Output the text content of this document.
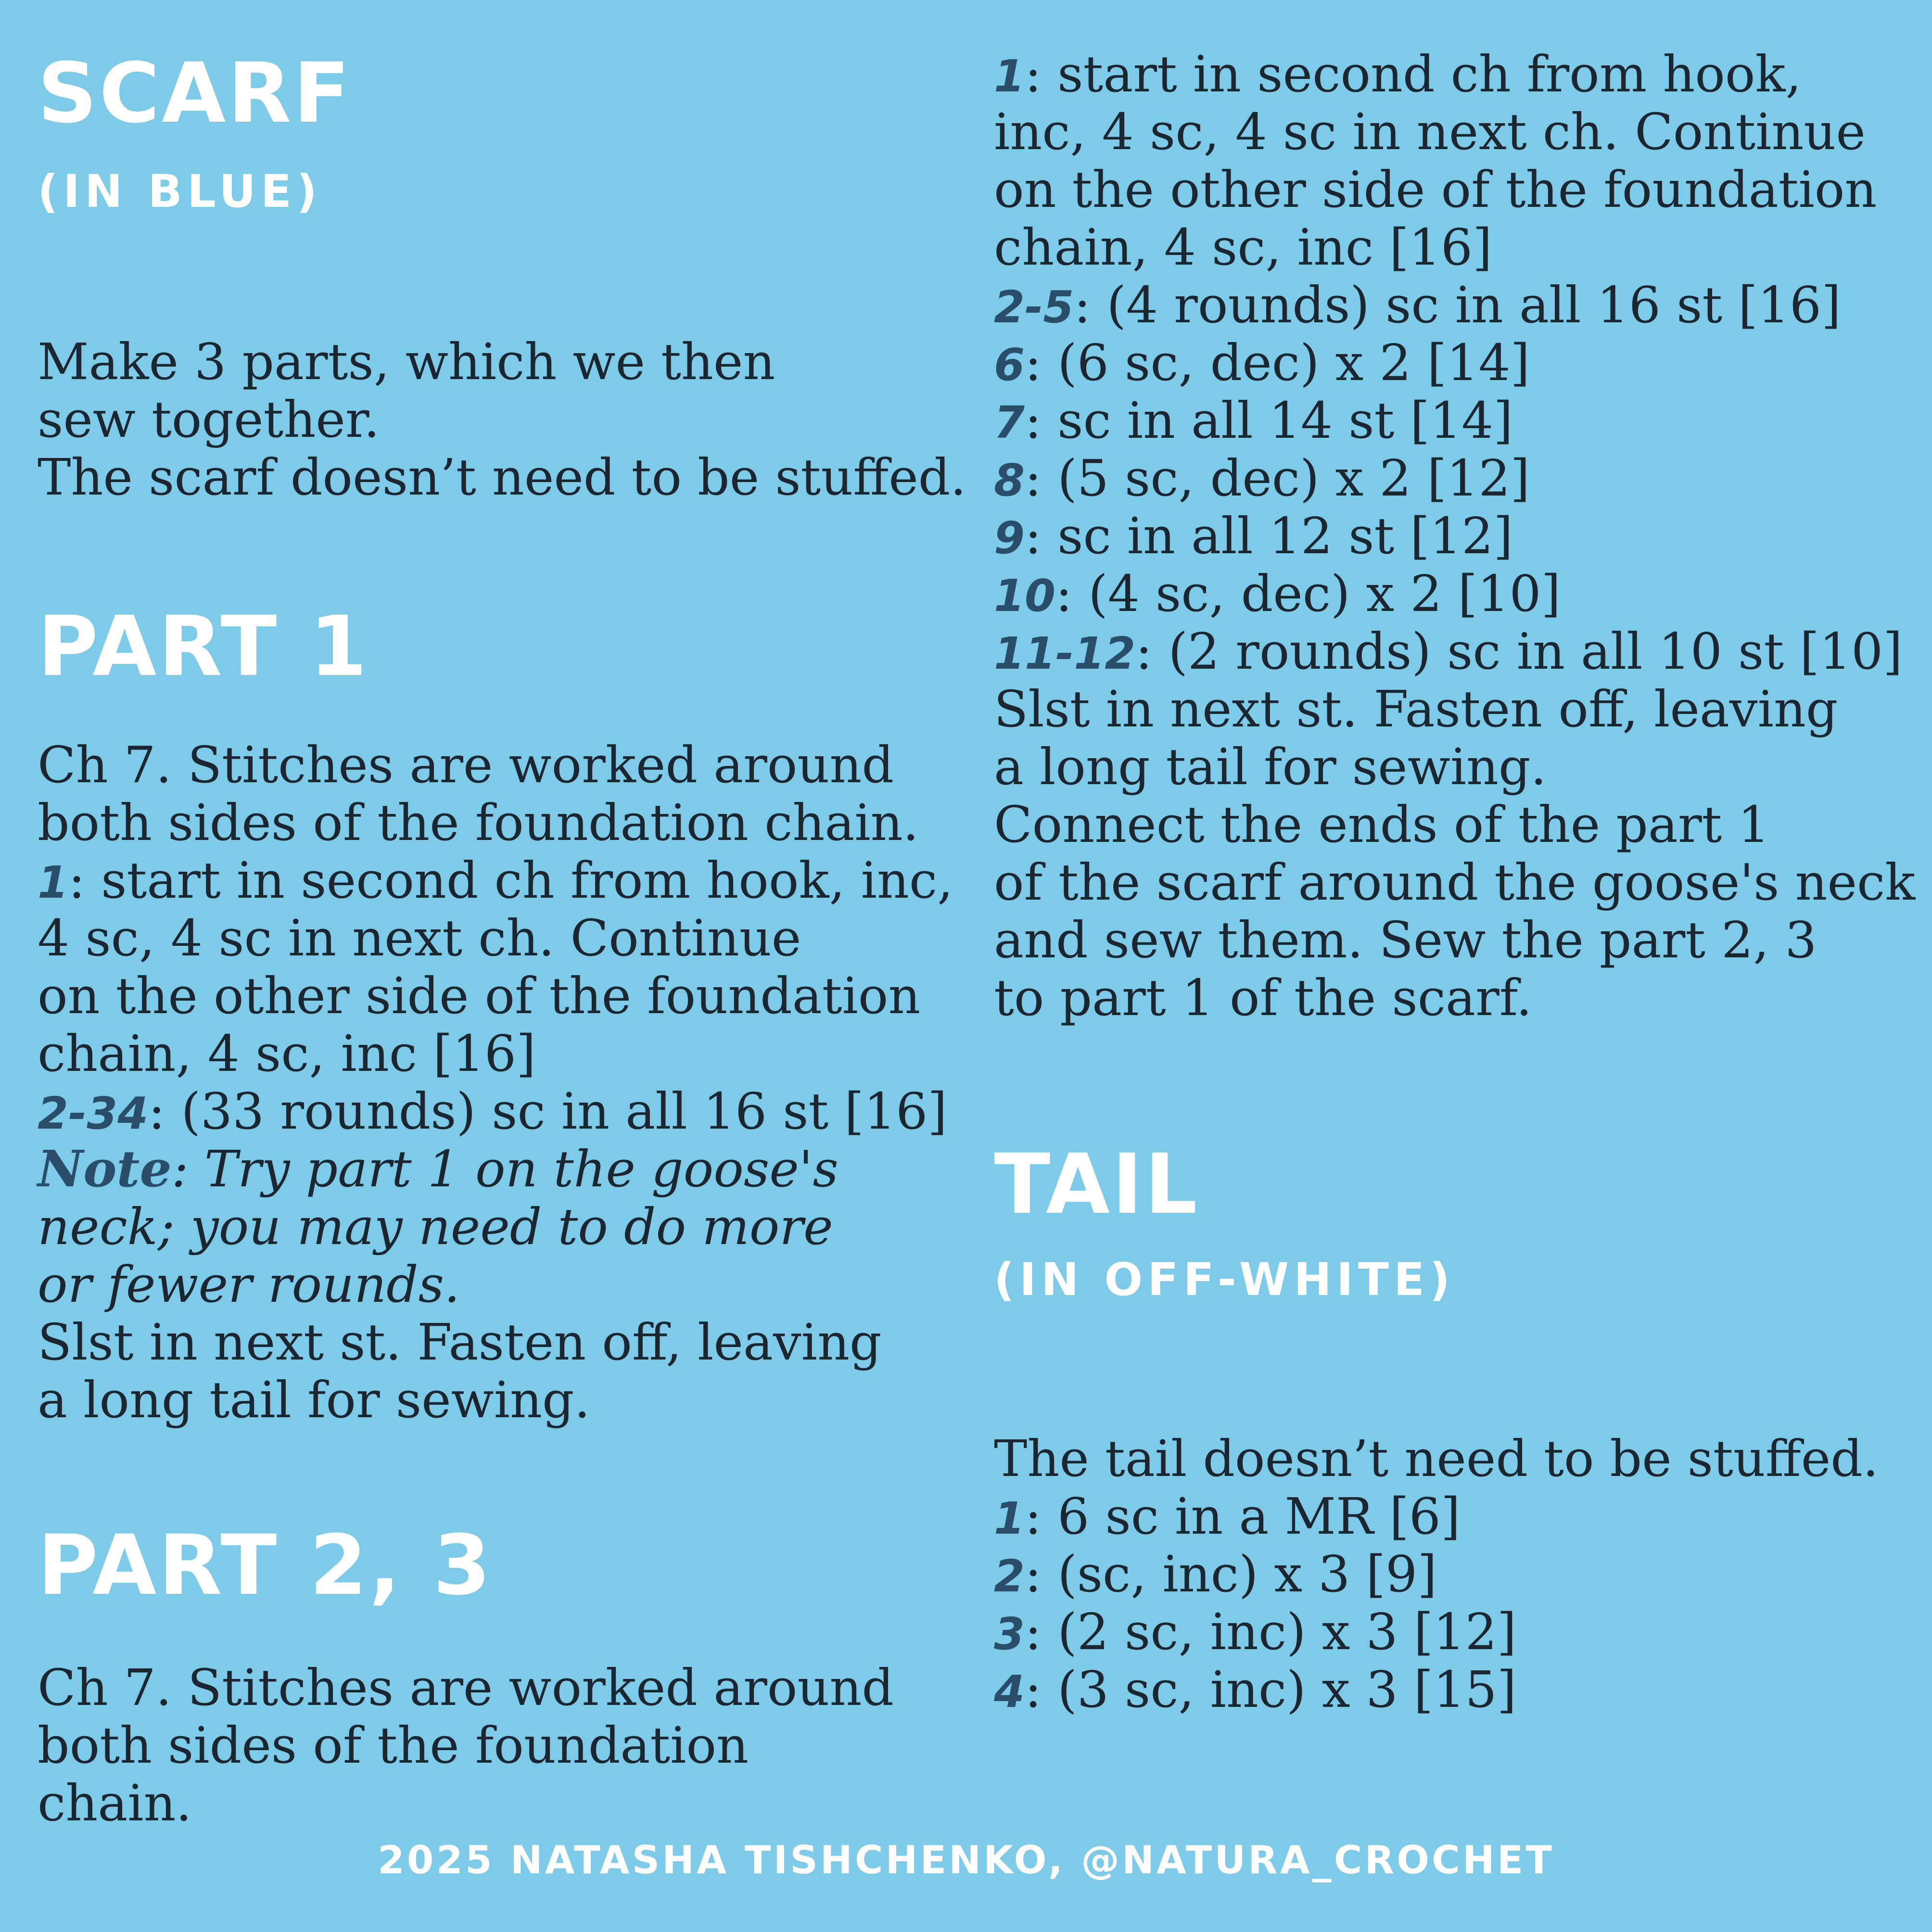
SCARF
(IN BLUE)
Make 3 parts, which we then
sew together.
The scarf doesn’t need to be stuffed.
PART 1
Ch 7. Stitches are worked around
both sides of the foundation chain.
1: start in second ch from hook, inc,
4 sc, 4 sc in next ch. Continue
on the other side of the foundation
chain, 4 sc, inc [16]
2-34: (33 rounds) sc in all 16 st [16]
Note: Try part 1 on the goose's
neck; you may need to do more
or fewer rounds.
Slst in next st. Fasten off, leaving
a long tail for sewing.
PART 2, 3
Ch 7. Stitches are worked around
both sides of the foundation
chain.
1: start in second ch from hook,
inc, 4 sc, 4 sc in next ch. Continue
on the other side of the foundation
chain, 4 sc, inc [16]
2-5: (4 rounds) sc in all 16 st [16]
6: (6 sc, dec) x 2 [14]
7: sc in all 14 st [14]
8: (5 sc, dec) x 2 [12]
9: sc in all 12 st [12]
10: (4 sc, dec) x 2 [10]
11-12: (2 rounds) sc in all 10 st [10]
Slst in next st. Fasten off, leaving
a long tail for sewing.
Connect the ends of the part 1
of the scarf around the goose's neck
and sew them. Sew the part 2, 3
to part 1 of the scarf.
TAIL
(IN OFF-WHITE)
The tail doesn’t need to be stuffed.
1: 6 sc in a MR [6]
2: (sc, inc) x 3 [9]
3: (2 sc, inc) x 3 [12]
4: (3 sc, inc) x 3 [15]
2025 NATASHA TISHCHENKO, @NATURA_CROCHET
